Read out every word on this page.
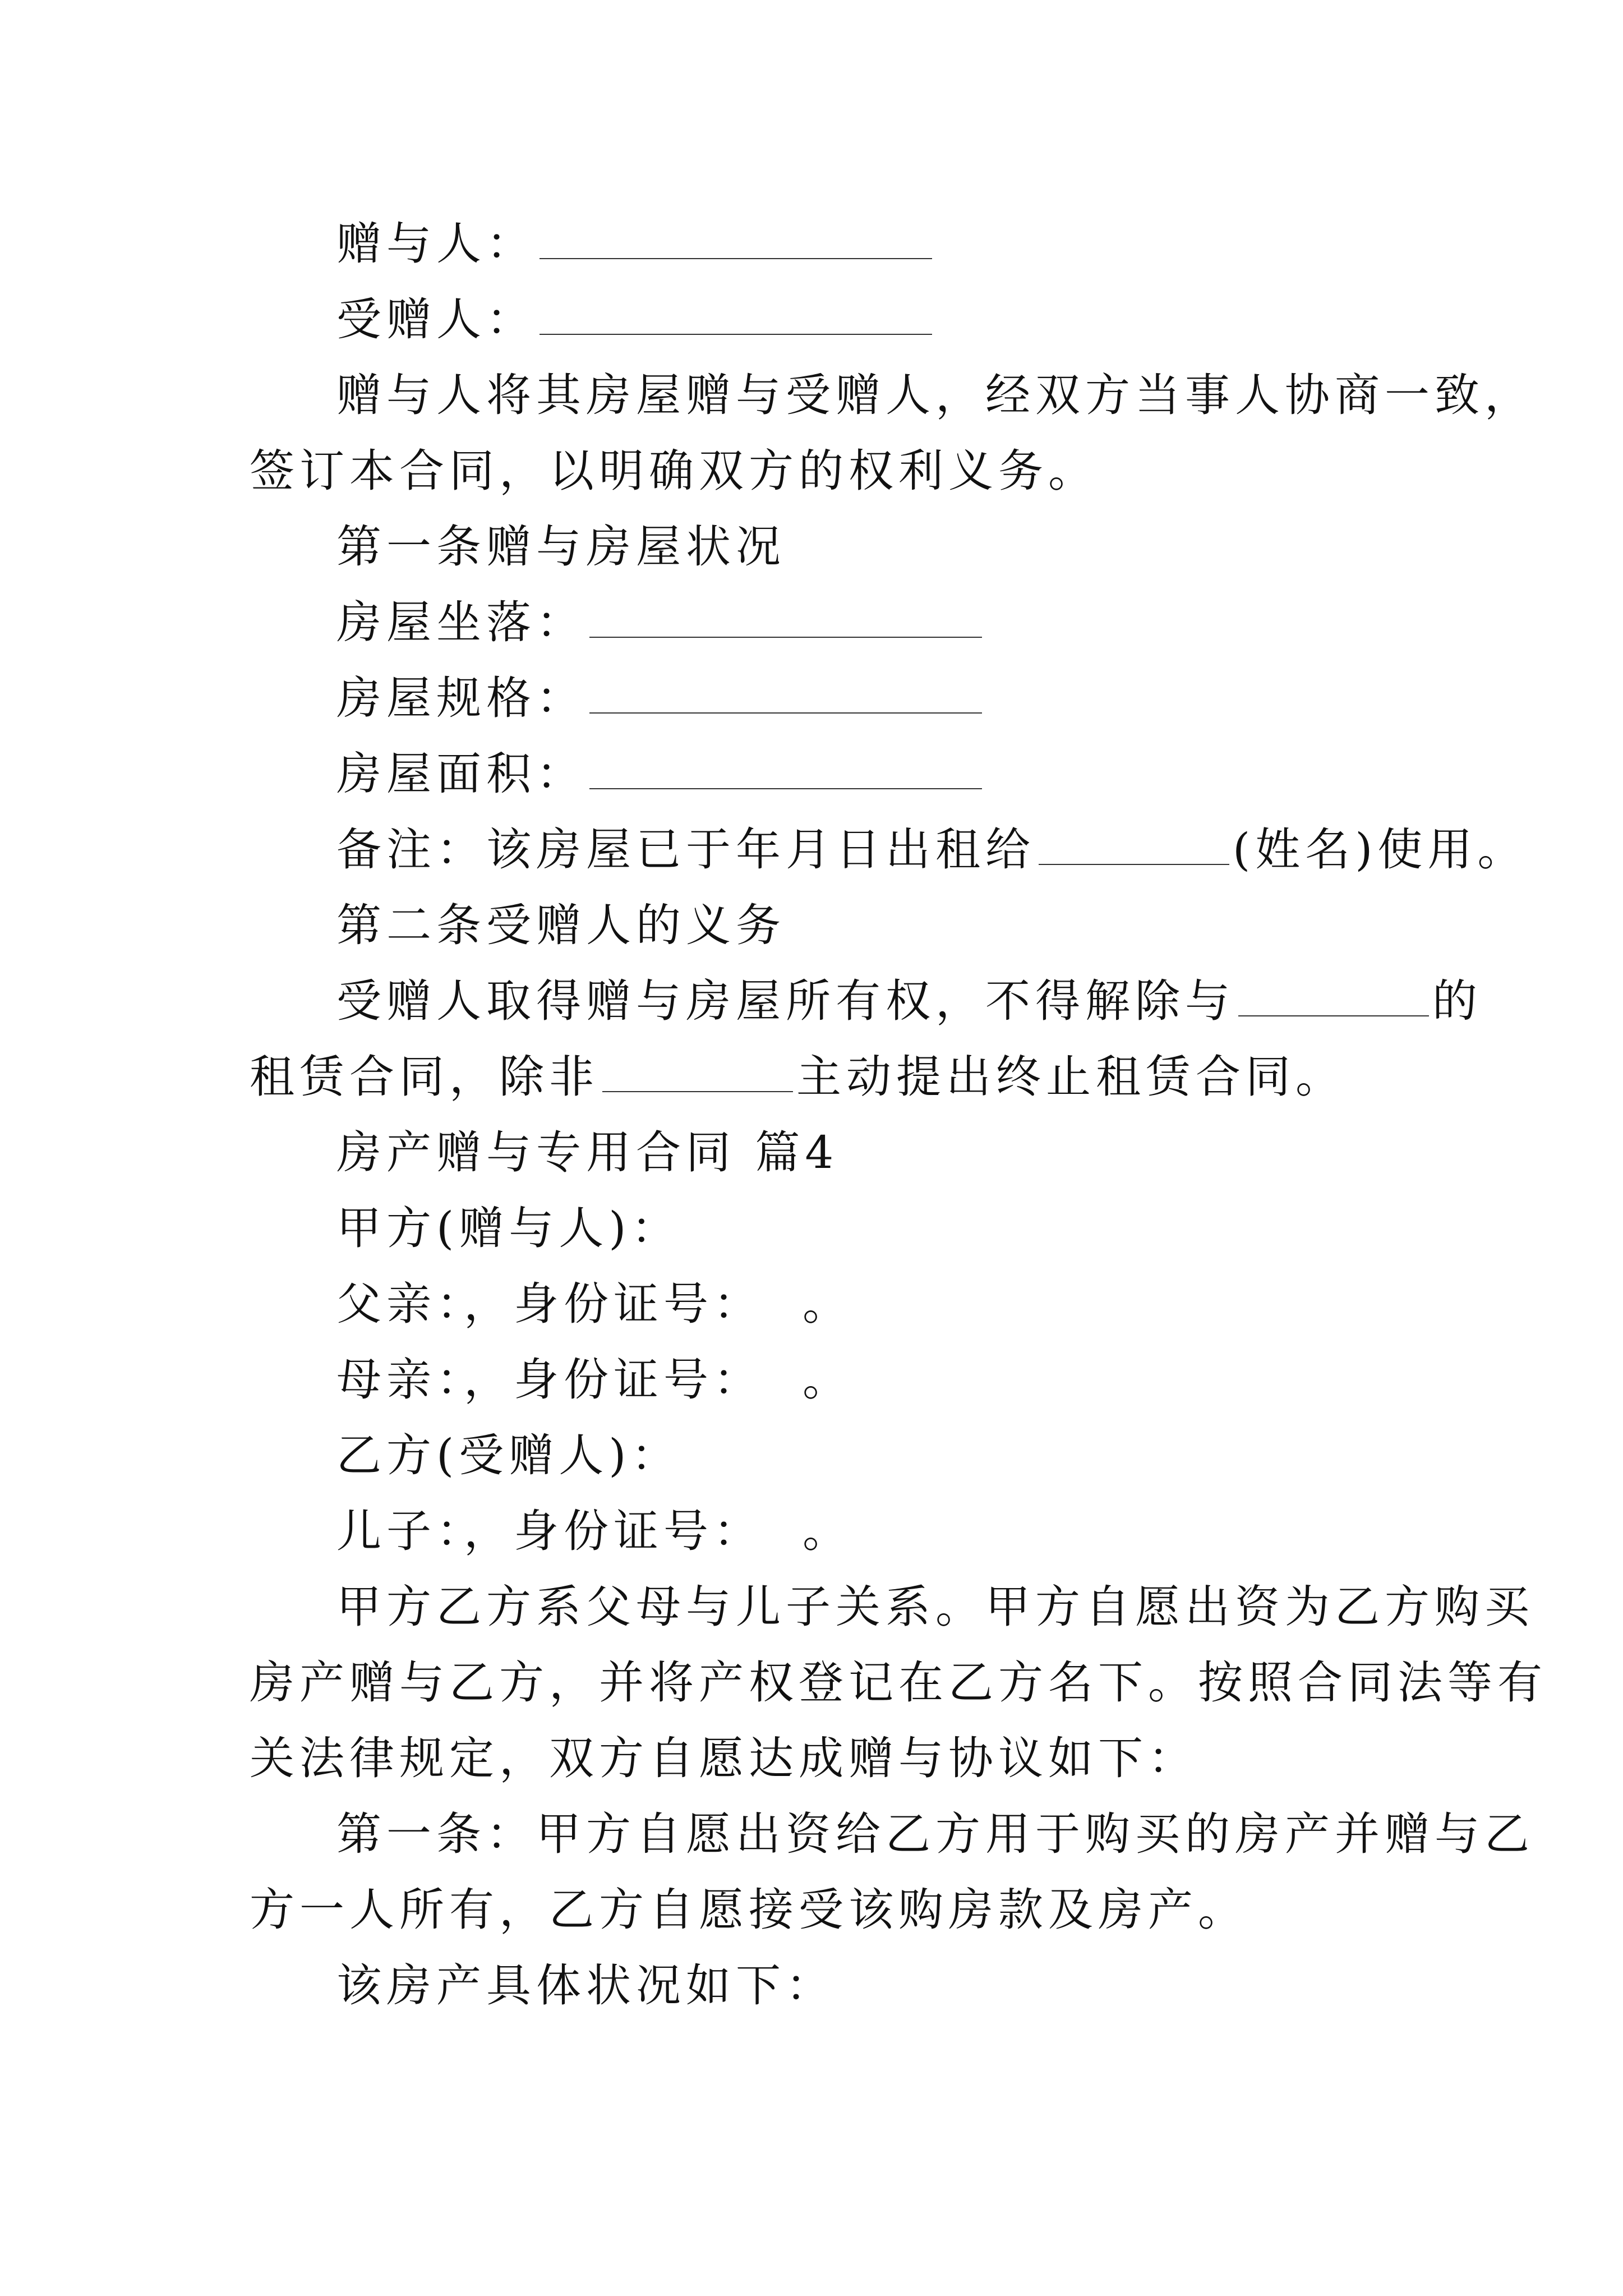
赠与人：
受赠人：
赠与人将其房屋赠与受赠人，经双方当事人协商一致，
签订本合同，以明确双方的权利义务。
第一条赠与房屋状况
房屋坐落：
房屋规格：
房屋面积：
备注：该房屋已于年月日出租给	(姓名)使用。
第二条受赠人的义务
受赠人取得赠与房屋所有权，不得解除与	的
租赁合同，除非	主动提出终止租赁合同。
房产赠与专用合同 篇4
甲方(赠与人)：
父亲：，身份证号： 。
母亲：，身份证号： 。
乙方(受赠人)：
儿子：，身份证号： 。
甲方乙方系父母与儿子关系。甲方自愿出资为乙方购买
房产赠与乙方，并将产权登记在乙方名下。按照合同法等有
关法律规定，双方自愿达成赠与协议如下：
第一条：甲方自愿出资给乙方用于购买的房产并赠与乙
方一人所有，乙方自愿接受该购房款及房产。
该房产具体状况如下：
